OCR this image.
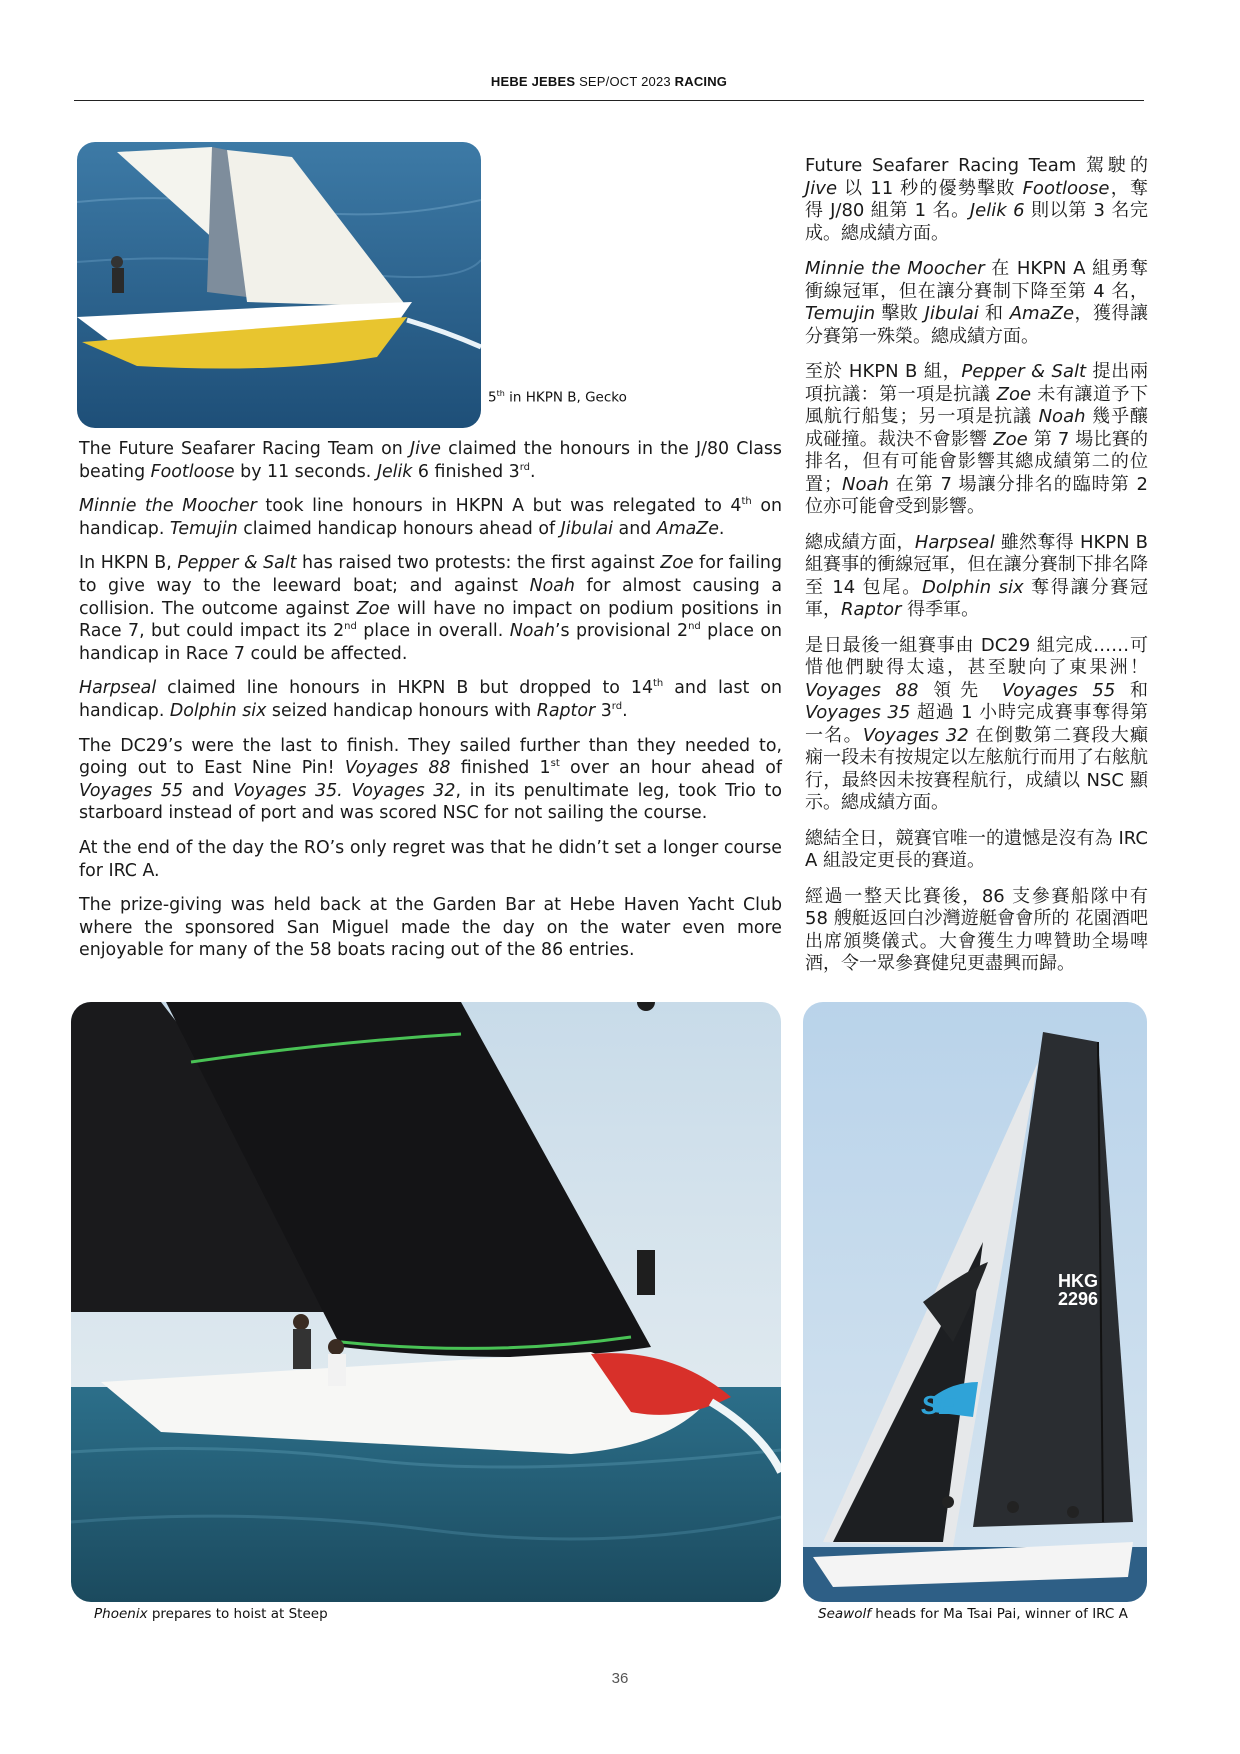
HEBE JEBES SEP/OCT 2023 RACING
5th in HKPN B, Gecko

The Future Seafarer Racing Team on Jive claimed the honours in the J/80 Class beating Footloose by 11 seconds. Jelik 6 finished 3rd.

Minnie the Moocher took line honours in HKPN A but was relegated to 4th on handicap. Temujin claimed handicap honours ahead of Jibulai and AmaZe.

In HKPN B, Pepper & Salt has raised two protests: the first against Zoe for failing to give way to the leeward boat; and against Noah for almost causing a collision. The outcome against Zoe will have no impact on podium positions in Race 7, but could impact its 2nd place in overall. Noah’s provisional 2nd place on handicap in Race 7 could be affected.

Harpseal claimed line honours in HKPN B but dropped to 14th and last on handicap. Dolphin six seized handicap honours with Raptor 3rd.

The DC29’s were the last to finish. They sailed further than they needed to, going out to East Nine Pin! Voyages 88 finished 1st over an hour ahead of Voyages 55 and Voyages 35. Voyages 32, in its penultimate leg, took Trio to starboard instead of port and was scored NSC for not sailing the course.

At the end of the day the RO’s only regret was that he didn’t set a longer course for IRC A.

The prize-giving was held back at the Garden Bar at Hebe Haven Yacht Club where the sponsored San Miguel made the day on the water even more enjoyable for many of the 58 boats racing out of the 86 entries.

Future Seafarer Racing Team 駕駛的 Jive 以 11 秒的優勢擊敗 Footloose，奪得 J/80 組第 1 名。Jelik 6 則以第 3 名完成。總成績方面。

Minnie the Moocher 在 HKPN A 組勇奪衝線冠軍，但在讓分賽制下降至第 4 名，Temujin 擊敗 Jibulai 和 AmaZe，獲得讓分賽第一殊榮。總成績方面。

至於 HKPN B 組，Pepper & Salt 提出兩項抗議：第一項是抗議 Zoe 未有讓道予下風航行船隻；另一項是抗議 Noah 幾乎釀成碰撞。裁決不會影響 Zoe 第 7 場比賽的排名，但有可能會影響其總成績第二的位置；Noah 在第 7 場讓分排名的臨時第 2 位亦可能會受到影響。

總成績方面，Harpseal 雖然奪得 HKPN B 組賽事的衝線冠軍，但在讓分賽制下排名降至 14 包尾。Dolphin six 奪得讓分賽冠軍，Raptor 得季軍。

是日最後一組賽事由 DC29 組完成……可惜他們駛得太遠，甚至駛向了東果洲！Voyages 88 領先 Voyages 55 和 Voyages 35 超過 1 小時完成賽事奪得第一名。Voyages 32 在倒數第二賽段大癲痫一段未有按規定以左舷航行而用了右舷航行，最終因未按賽程航行，成績以 NSC 顯示。總成績方面。

總結全日，競賽官唯一的遺憾是沒有為 IRC A 組設定更長的賽道。

經過一整天比賽後，86 支參賽船隊中有 58 艘艇返回白沙灣遊艇會會所的 花園酒吧出席頒獎儀式。大會獲生力啤贊助全場啤酒，令一眾參賽健兒更盡興而歸。

Phoenix prepares to hoist at Steep
HKG
2296
SE
Seawolf heads for Ma Tsai Pai, winner of IRC A
36
